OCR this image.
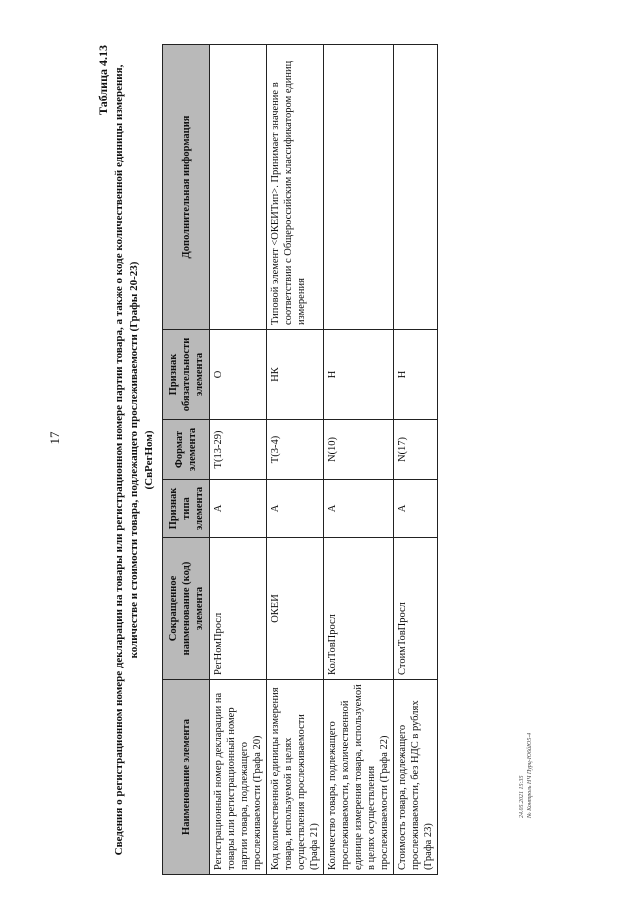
17
24.05.2021 15:35 № Контроль НЧ Пурц-Ю6йЮ5-4
Таблица 4.13 Сведения о регистрационном номере декларации на товары или регистрационном номере партии товара, а также о коде количественной единицы измерения, количестве и стоимости товара, подлежащего прослеживаемости (Графы 20-23) (СвРегНом)
Наименование элемента	Сокращенное наименование (код) элемента	Признак типа элемента	Формат элемента	Признак обязательности элемента	Дополнительная информация
Регистрационный номер декларации на товары или регистрационный номер партии товара, подлежащего прослеживаемости (Графа 20)	РегНомПросл	А	T(13-29)	О	
Код количественной единицы измерения товара, используемой в целях осуществления прослеживаемости (Графа 21)	ОКЕИ	А	T(3-4)	НК	Типовой элемент <ОКЕИТип>. Принимает значение в соответствии с Общероссийским классификатором единиц измерения
Количество товара, подлежащего прослеживаемости, в количественной единице измерения товара, используемой в целях осуществления прослеживаемости (Графа 22)	КолТовПросл	А	N(10)	Н	
Стоимость товара, подлежащего прослеживаемости, без НДС в рублях (Графа 23)	СтоимТовПросл	А	N(17)	Н	
